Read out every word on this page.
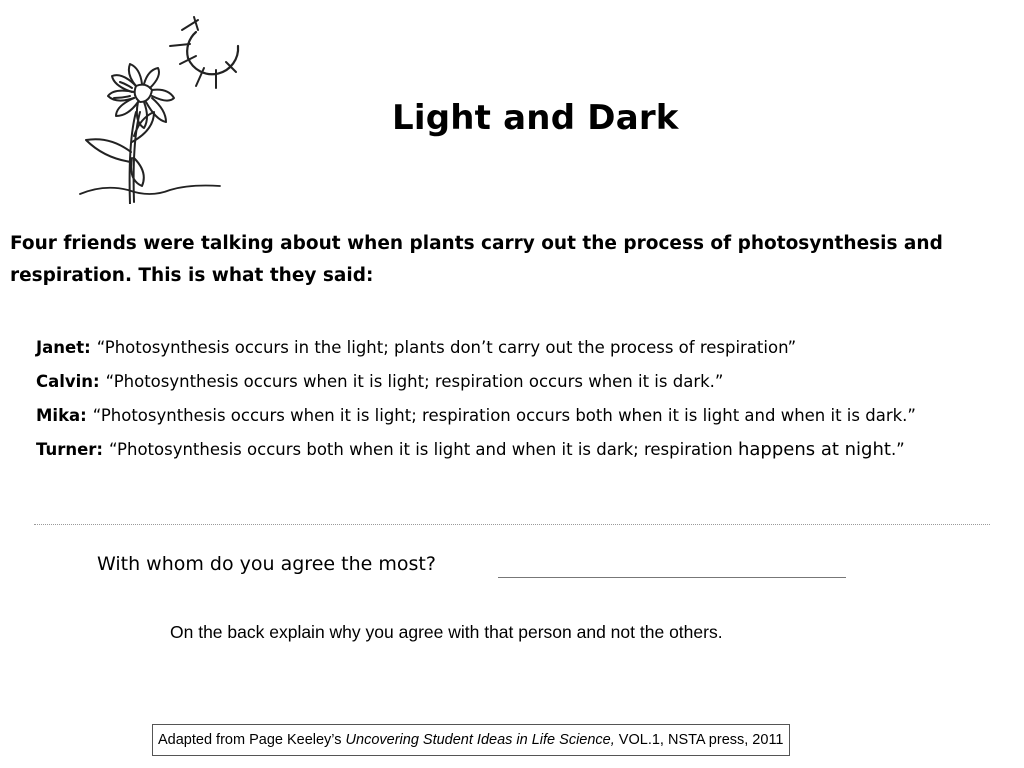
Light and Dark
Four friends were talking about when plants carry out the process of photosynthesis and respiration. This is what they said:
Janet: “Photosynthesis occurs in the light; plants don’t carry out the process of respiration”
Calvin: “Photosynthesis occurs when it is light; respiration occurs when it is dark.”
Mika: “Photosynthesis occurs when it is light; respiration occurs both when it is light and when it is dark.”
Turner: “Photosynthesis occurs both when it is light and when it is dark; respiration happens at night.”
With whom do you agree the most?
On the back explain why you agree with that person and not the others.
Adapted from Page Keeley’s Uncovering Student Ideas in Life Science, VOL.1, NSTA press, 2011
